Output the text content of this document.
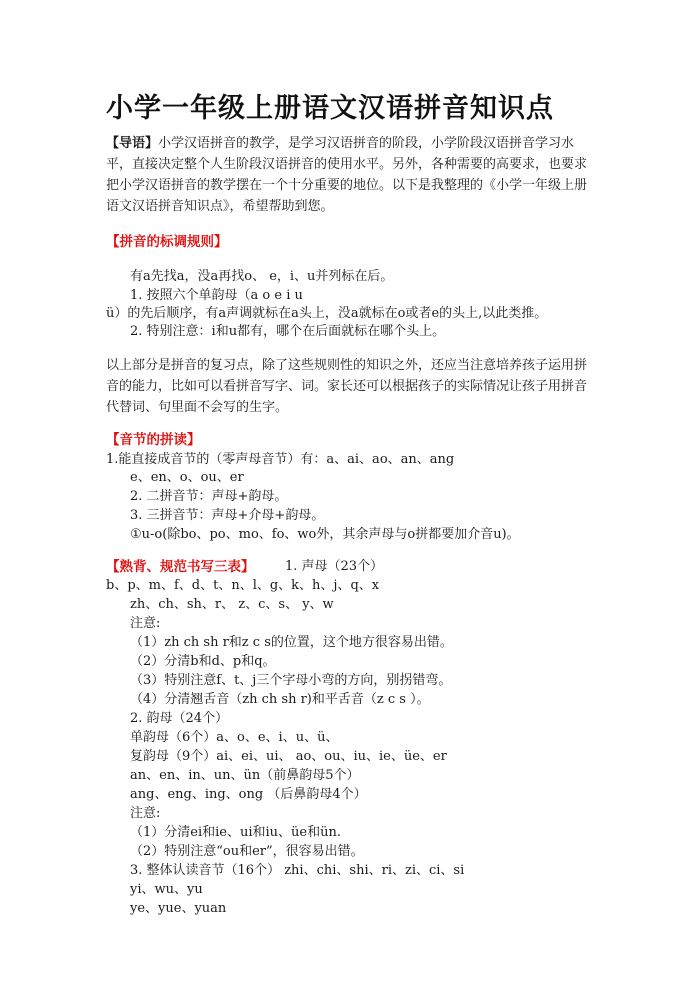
小学一年级上册语文汉语拼音知识点
【导语】小学汉语拼音的教学，是学习汉语拼音的阶段，小学阶段汉语拼音学习水平，直接决定整个人生阶段汉语拼音的使用水平。另外，各种需要的高要求，也要求把小学汉语拼音的教学摆在一个十分重要的地位。以下是我整理的《小学一年级上册语文汉语拼音知识点》，希望帮助到您。
【拼音的标调规则】
有a先找a，没a再找o、 e，i、u并列标在后。
1. 按照六个单韵母（a o e i u
ü）的先后顺序，有a声调就标在a头上，没a就标在o或者e的头上,以此类推。
2. 特别注意：i和u都有，哪个在后面就标在哪个头上。
以上部分是拼音的复习点，除了这些规则性的知识之外，还应当注意培养孩子运用拼音的能力，比如可以看拼音写字、词。家长还可以根据孩子的实际情况让孩子用拼音代替词、句里面不会写的生字。
【音节的拼读】
1.能直接成音节的（零声母音节）有：a、ai、ao、an、ang
e、en、o、ou、er
2. 二拼音节：声母+韵母。
3. 三拼音节：声母+介母+韵母。
①u-o(除bo、po、mo、fo、wo外，其余声母与o拼都要加介音u)。
【熟背、规范书写三表】 1. 声母（23个）
b、p、m、f、d、t、n、l、g、k、h、j、q、x
zh、ch、sh、r、 z、c、s、 y、w
注意:
（1）zh ch sh r和z c s的位置，这个地方很容易出错。
（2）分清b和d、p和q。
（3）特别注意f、t、j三个字母小弯的方向，别拐错弯。
（4）分清翘舌音（zh ch sh r)和平舌音（z c s ）。
2. 韵母（24个）
单韵母（6个）a、o、e、i、u、ü、
复韵母（9个）ai、ei、ui、 ao、ou、iu、ie、üe、er
an、en、in、un、ün（前鼻韵母5个）
ang、eng、ing、ong （后鼻韵母4个）
注意:
（1）分清ei和ie、ui和iu、üe和ün.
（2）特别注意“ou和er”，很容易出错。
3. 整体认读音节（16个） zhi、chi、shi、ri、zi、ci、si
yi、wu、yu
ye、yue、yuan
